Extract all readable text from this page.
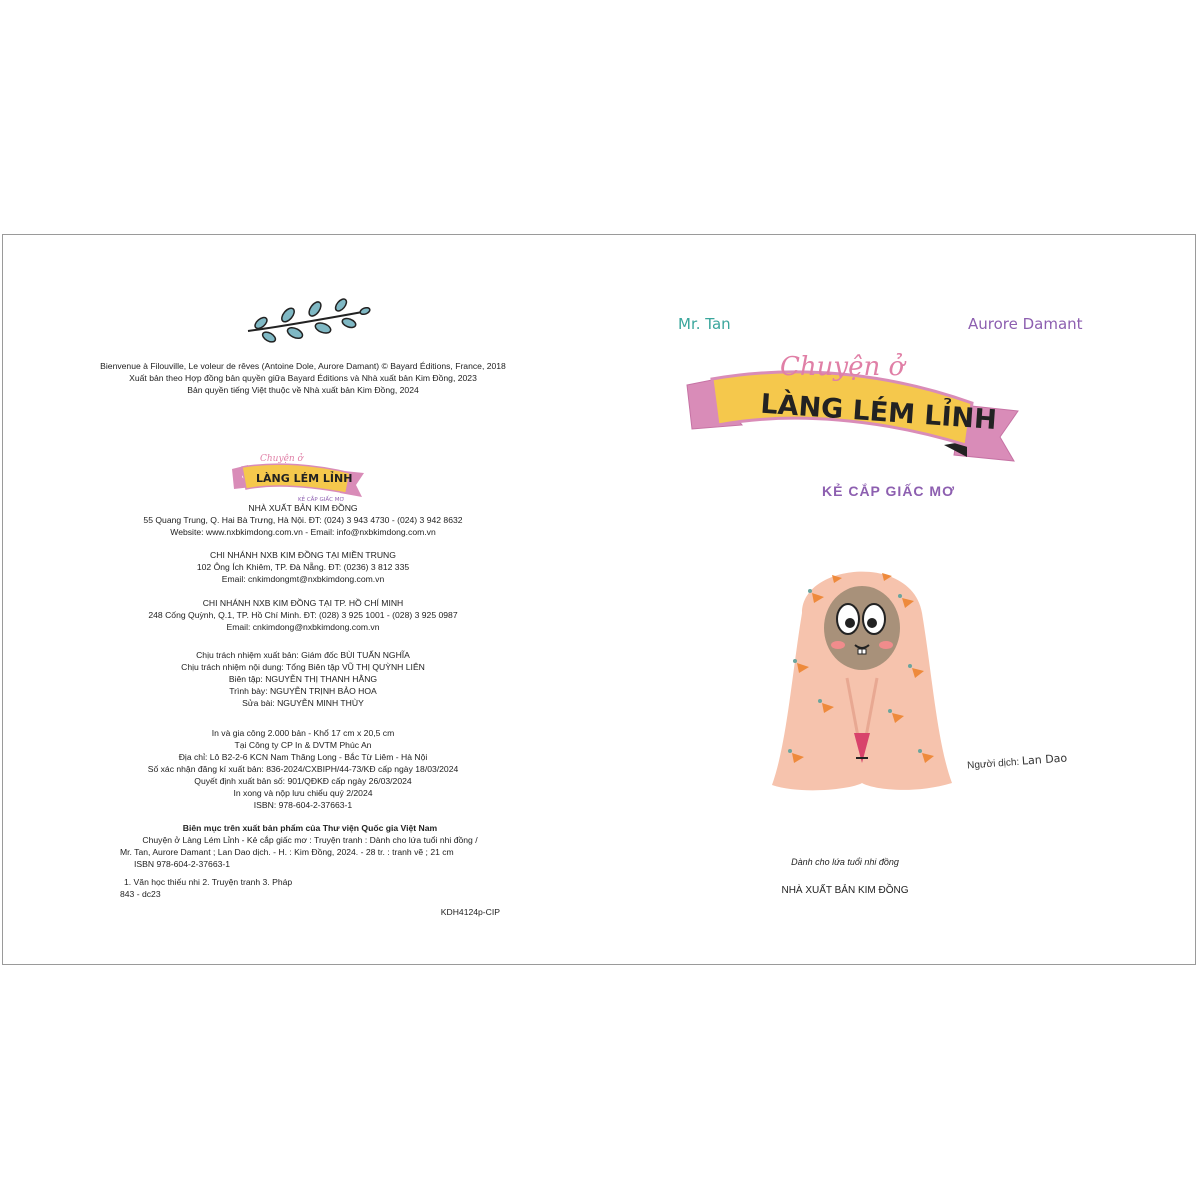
Bienvenue à Filouville, Le voleur de rêves (Antoine Dole, Aurore Damant) © Bayard Éditions, France, 2018
Xuất bản theo Hợp đồng bản quyền giữa Bayard Éditions và Nhà xuất bản Kim Đồng, 2023
Bản quyền tiếng Việt thuộc về Nhà xuất bản Kim Đồng, 2024
Chuyện ở
LÀNG LÉM LỈNH
KẺ CẮP GIẤC MƠ
NHÀ XUẤT BẢN KIM ĐỒNG
55 Quang Trung, Q. Hai Bà Trưng, Hà Nội. ĐT: (024) 3 943 4730 - (024) 3 942 8632
Website: www.nxbkimdong.com.vn - Email: info@nxbkimdong.com.vn
CHI NHÁNH NXB KIM ĐỒNG TẠI MIỀN TRUNG
102 Ông Ích Khiêm, TP. Đà Nẵng. ĐT: (0236) 3 812 335
Email: cnkimdongmt@nxbkimdong.com.vn
CHI NHÁNH NXB KIM ĐỒNG TẠI TP. HỒ CHÍ MINH
248 Cống Quỳnh, Q.1, TP. Hồ Chí Minh. ĐT: (028) 3 925 1001 - (028) 3 925 0987
Email: cnkimdong@nxbkimdong.com.vn
Chịu trách nhiệm xuất bản: Giám đốc BÙI TUẤN NGHĨA
Chịu trách nhiệm nội dung: Tổng Biên tập VŨ THỊ QUỲNH LIÊN
Biên tập: NGUYỄN THỊ THANH HẰNG
Trình bày: NGUYỄN TRỊNH BẢO HOA
Sửa bài: NGUYỄN MINH THÙY
In và gia công 2.000 bản - Khổ 17 cm x 20,5 cm
Tại Công ty CP In & DVTM Phúc An
Địa chỉ: Lô B2-2-6 KCN Nam Thăng Long - Bắc Từ Liêm - Hà Nội
Số xác nhận đăng kí xuất bản: 836-2024/CXBIPH/44-73/KĐ cấp ngày 18/03/2024
Quyết định xuất bản số: 901/QĐKĐ cấp ngày 26/03/2024
In xong và nộp lưu chiểu quý 2/2024
ISBN: 978-604-2-37663-1
Biên mục trên xuất bản phẩm của Thư viện Quốc gia Việt Nam
Chuyện ở Làng Lém Lỉnh - Kẻ cắp giấc mơ : Truyện tranh : Dành cho lứa tuổi nhi đồng /
Mr. Tan, Aurore Damant ; Lan Dao dịch. - H. : Kim Đồng, 2024. - 28 tr. : tranh vẽ ; 21 cm
ISBN 978-604-2-37663-1
1. Văn học thiếu nhi 2. Truyện tranh 3. Pháp
843 - dc23
KDH4124p-CIP
Mr. Tan	Aurore Damant
Chuyện ở
LÀNG LÉM LỈNH
KẺ CẮP GIẤC MƠ
Người dịch: Lan Dao
Dành cho lứa tuổi nhi đồng
NHÀ XUẤT BẢN KIM ĐỒNG
